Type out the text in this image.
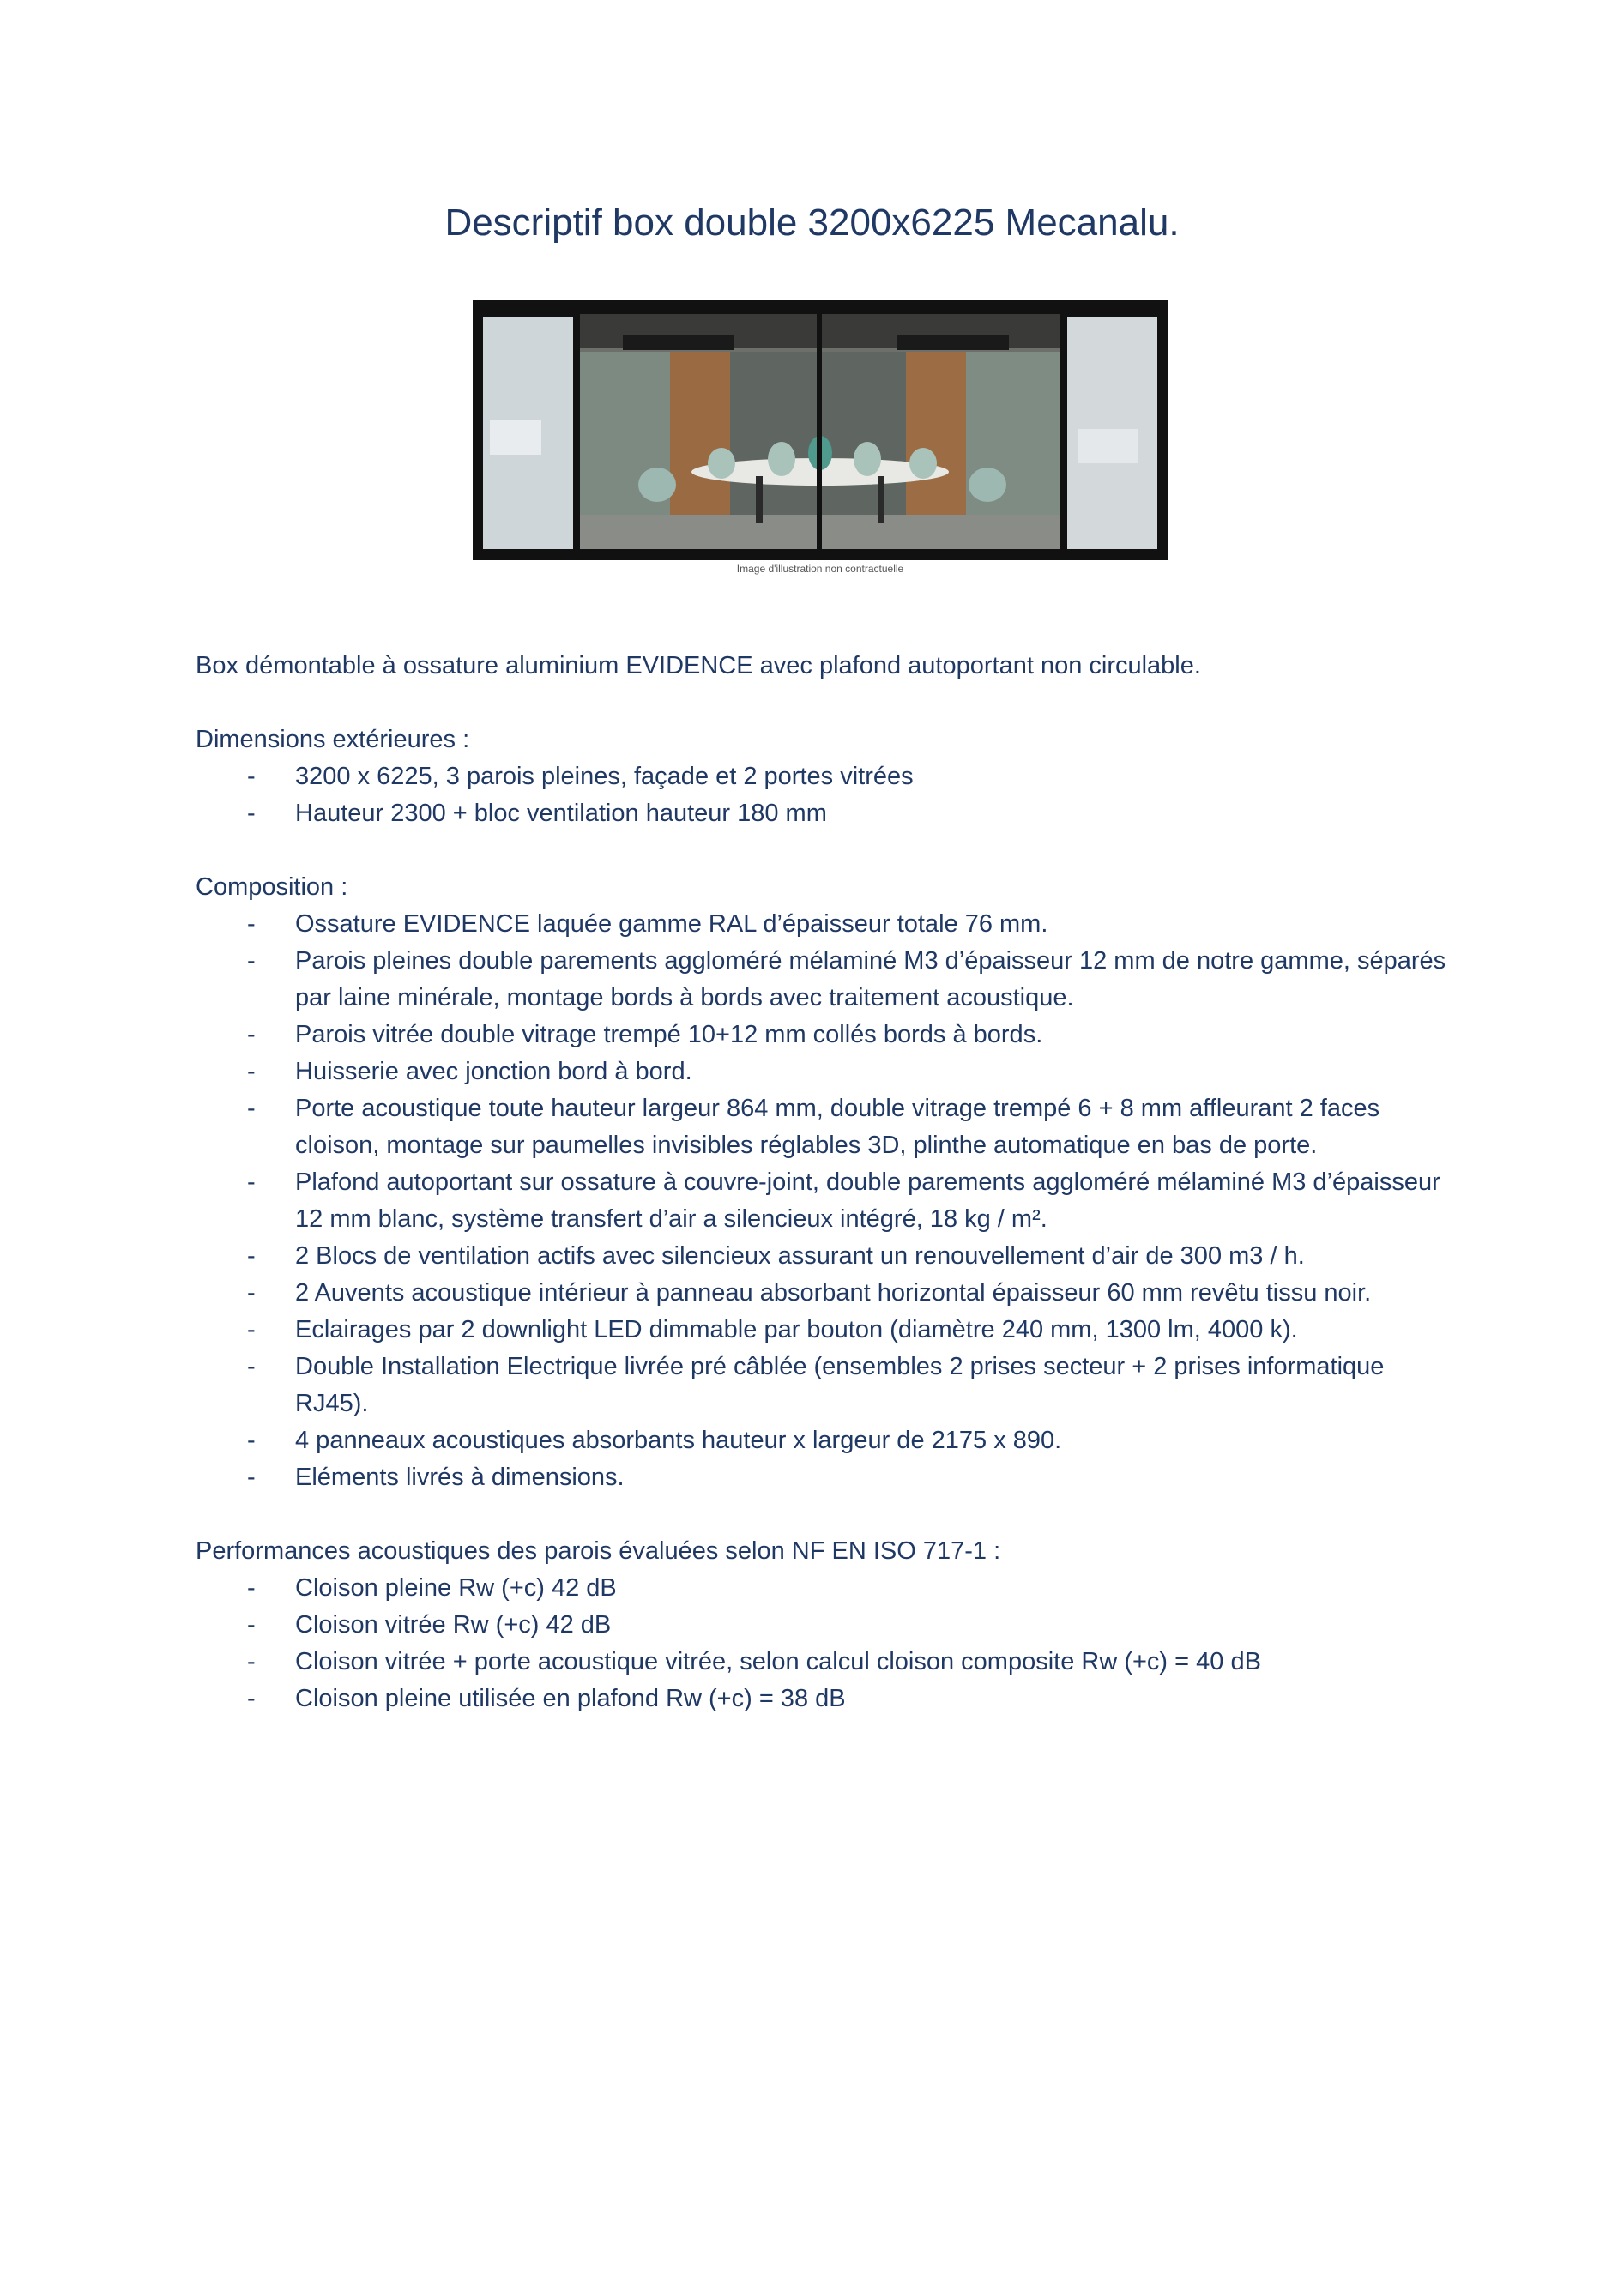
Descriptif box double 3200x6225 Mecanalu.
Image d'illustration non contractuelle

Box démontable à ossature aluminium EVIDENCE avec plafond autoportant non circulable.

Dimensions extérieures :

- 3200 x 6225, 3 parois pleines, façade et 2 portes vitrées
- Hauteur 2300 + bloc ventilation hauteur 180 mm

Composition :

- Ossature EVIDENCE laquée gamme RAL d’épaisseur totale 76 mm.
- Parois pleines double parements aggloméré mélaminé M3 d’épaisseur 12 mm de notre gamme, séparés par laine minérale, montage bords à bords avec traitement acoustique.
- Parois vitrée double vitrage trempé 10+12 mm collés bords à bords.
- Huisserie avec jonction bord à bord.
- Porte acoustique toute hauteur largeur 864 mm, double vitrage trempé 6 + 8 mm affleurant 2 faces cloison, montage sur paumelles invisibles réglables 3D, plinthe automatique en bas de porte.
- Plafond autoportant sur ossature à couvre-joint, double parements aggloméré mélaminé M3 d’épaisseur 12 mm blanc, système transfert d’air a silencieux intégré, 18 kg / m².
- 2 Blocs de ventilation actifs avec silencieux assurant un renouvellement d’air de 300 m3 / h.
- 2 Auvents acoustique intérieur à panneau absorbant horizontal épaisseur 60 mm revêtu tissu noir.
- Eclairages par 2 downlight LED dimmable par bouton (diamètre 240 mm, 1300 lm, 4000 k).
- Double Installation Electrique livrée pré câblée (ensembles 2 prises secteur + 2 prises informatique RJ45).
- 4 panneaux acoustiques absorbants hauteur x largeur de 2175 x 890.
- Eléments livrés à dimensions.

Performances acoustiques des parois évaluées selon NF EN ISO 717-1 :

- Cloison pleine Rw (+c) 42 dB
- Cloison vitrée Rw (+c) 42 dB
- Cloison vitrée + porte acoustique vitrée, selon calcul cloison composite Rw (+c) = 40 dB
- Cloison pleine utilisée en plafond Rw (+c) = 38 dB
